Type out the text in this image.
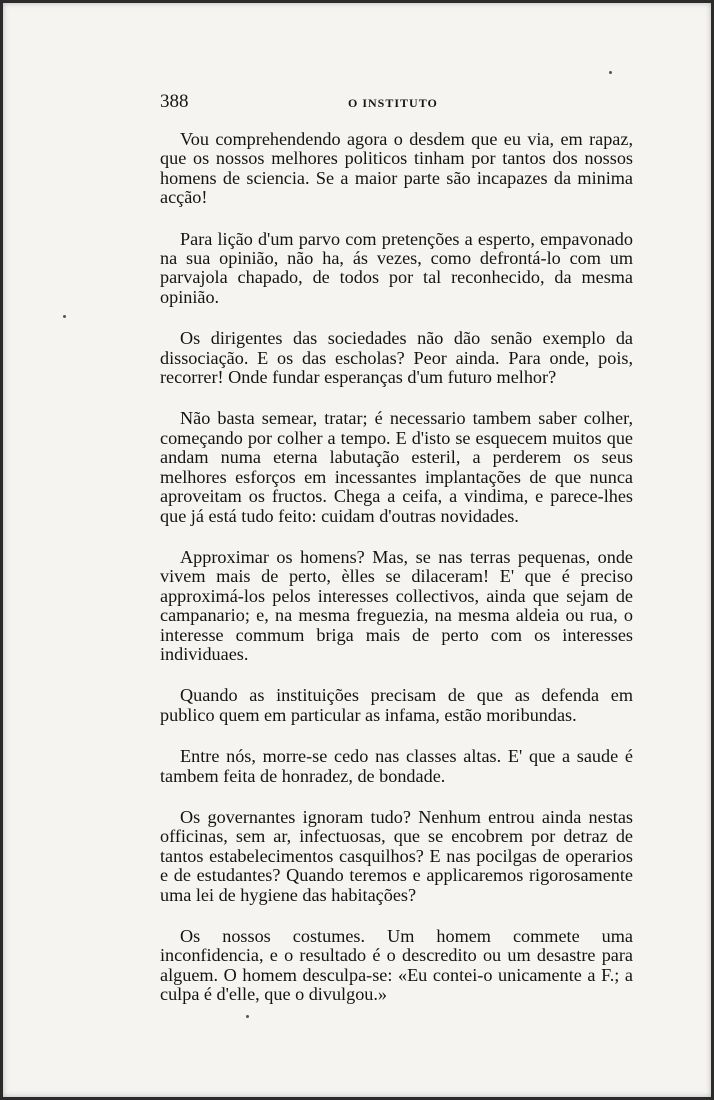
388	O INSTITUTO

Vou comprehendendo agora o desdem que eu via, em rapaz, que os nossos melhores politicos tinham por tantos dos nossos homens de sciencia. Se a maior parte são incapazes da minima acção!

Para lição d'um parvo com pretenções a esperto, empavonado na sua opinião, não ha, ás vezes, como defrontá-lo com um parvajola chapado, de todos por tal reconhecido, da mesma opinião.

Os dirigentes das sociedades não dão senão exemplo da dissociação. E os das escholas? Peor ainda. Para onde, pois, recorrer! Onde fundar esperanças d'um futuro melhor?

Não basta semear, tratar; é necessario tambem saber colher, começando por colher a tempo. E d'isto se esquecem muitos que andam numa eterna labutação esteril, a perderem os seus melhores esforços em incessantes implantações de que nunca aproveitam os fructos. Chega a ceifa, a vindima, e parece-lhes que já está tudo feito: cuidam d'outras novidades.

Approximar os homens? Mas, se nas terras pequenas, onde vivem mais de perto, èlles se dilaceram! E' que é preciso approximá-los pelos interesses collectivos, ainda que sejam de campanario; e, na mesma freguezia, na mesma aldeia ou rua, o interesse commum briga mais de perto com os interesses individuaes.

Quando as instituições precisam de que as defenda em publico quem em particular as infama, estão moribundas.

Entre nós, morre-se cedo nas classes altas. E' que a saude é tambem feita de honradez, de bondade.

Os governantes ignoram tudo? Nenhum entrou ainda nestas officinas, sem ar, infectuosas, que se encobrem por detraz de tantos estabelecimentos casquilhos? E nas pocilgas de operarios e de estudantes? Quando teremos e applicaremos rigorosamente uma lei de hygiene das habitações?

Os nossos costumes. Um homem commete uma inconfidencia, e o resultado é o descredito ou um desastre para alguem. O homem desculpa-se: «Eu contei-o unicamente a F.; a culpa é d'elle, que o divulgou.»
